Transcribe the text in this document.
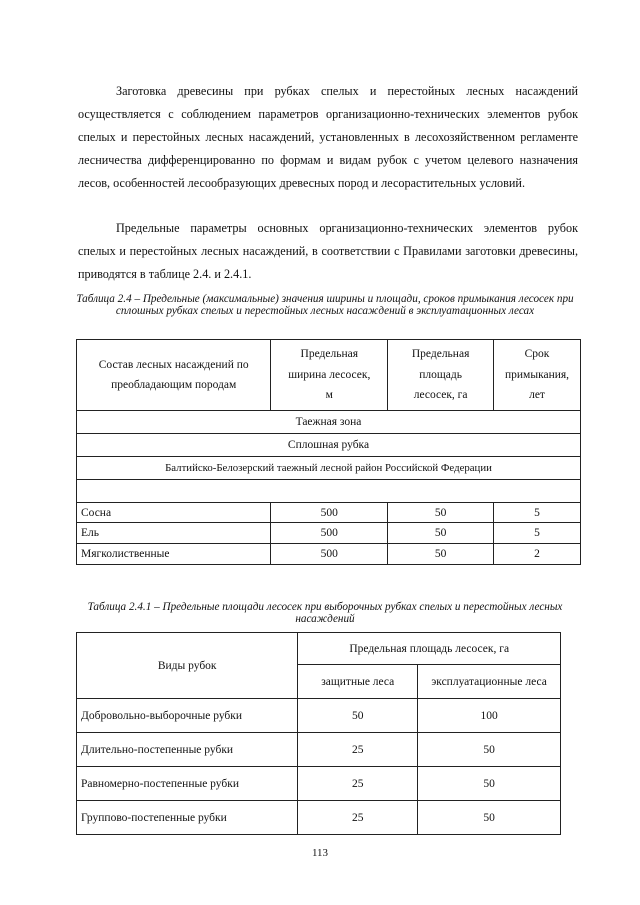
Заготовка древесины при рубках спелых и перестойных лесных насаждений осуществляется с соблюдением параметров организационно-технических элементов рубок спелых и перестойных лесных насаждений, установленных в лесохозяйственном регламенте лесничества дифференцированно по формам и видам рубок с учетом целевого назначения лесов, особенностей лесообразующих древесных пород и лесорастительных условий.

Предельные параметры основных организационно-технических элементов рубок спелых и перестойных лесных насаждений, в соответствии с Правилами заготовки древесины, приводятся в таблице 2.4. и 2.4.1.

Таблица 2.4 – Предельные (максимальные) значения ширины и площади, сроков примыкания лесосек при сплошных рубках спелых и перестойных лесных насаждений в эксплуатационных лесах

Состав лесных насаждений по преобладающим породам	Предельная ширина лесосек, м	Предельная площадь лесосек, га	Срок примыкания, лет
Таежная зона			
Сплошная рубка			
Балтийско-Белозерский таежный лесной район Российской Федерации			

Сосна	500	50	5
Ель	500	50	5
Мягколиственные	500	50	2

Таблица 2.4.1 – Предельные площади лесосек при выборочных рубках спелых и перестойных лесных насаждений

Виды рубок	Предельная площадь лесосек, га	
	защитные леса	эксплуатационные леса
Добровольно-выборочные рубки	50	100
Длительно-постепенные рубки	25	50
Равномерно-постепенные рубки	25	50
Группово-постепенные рубки	25	50
113
